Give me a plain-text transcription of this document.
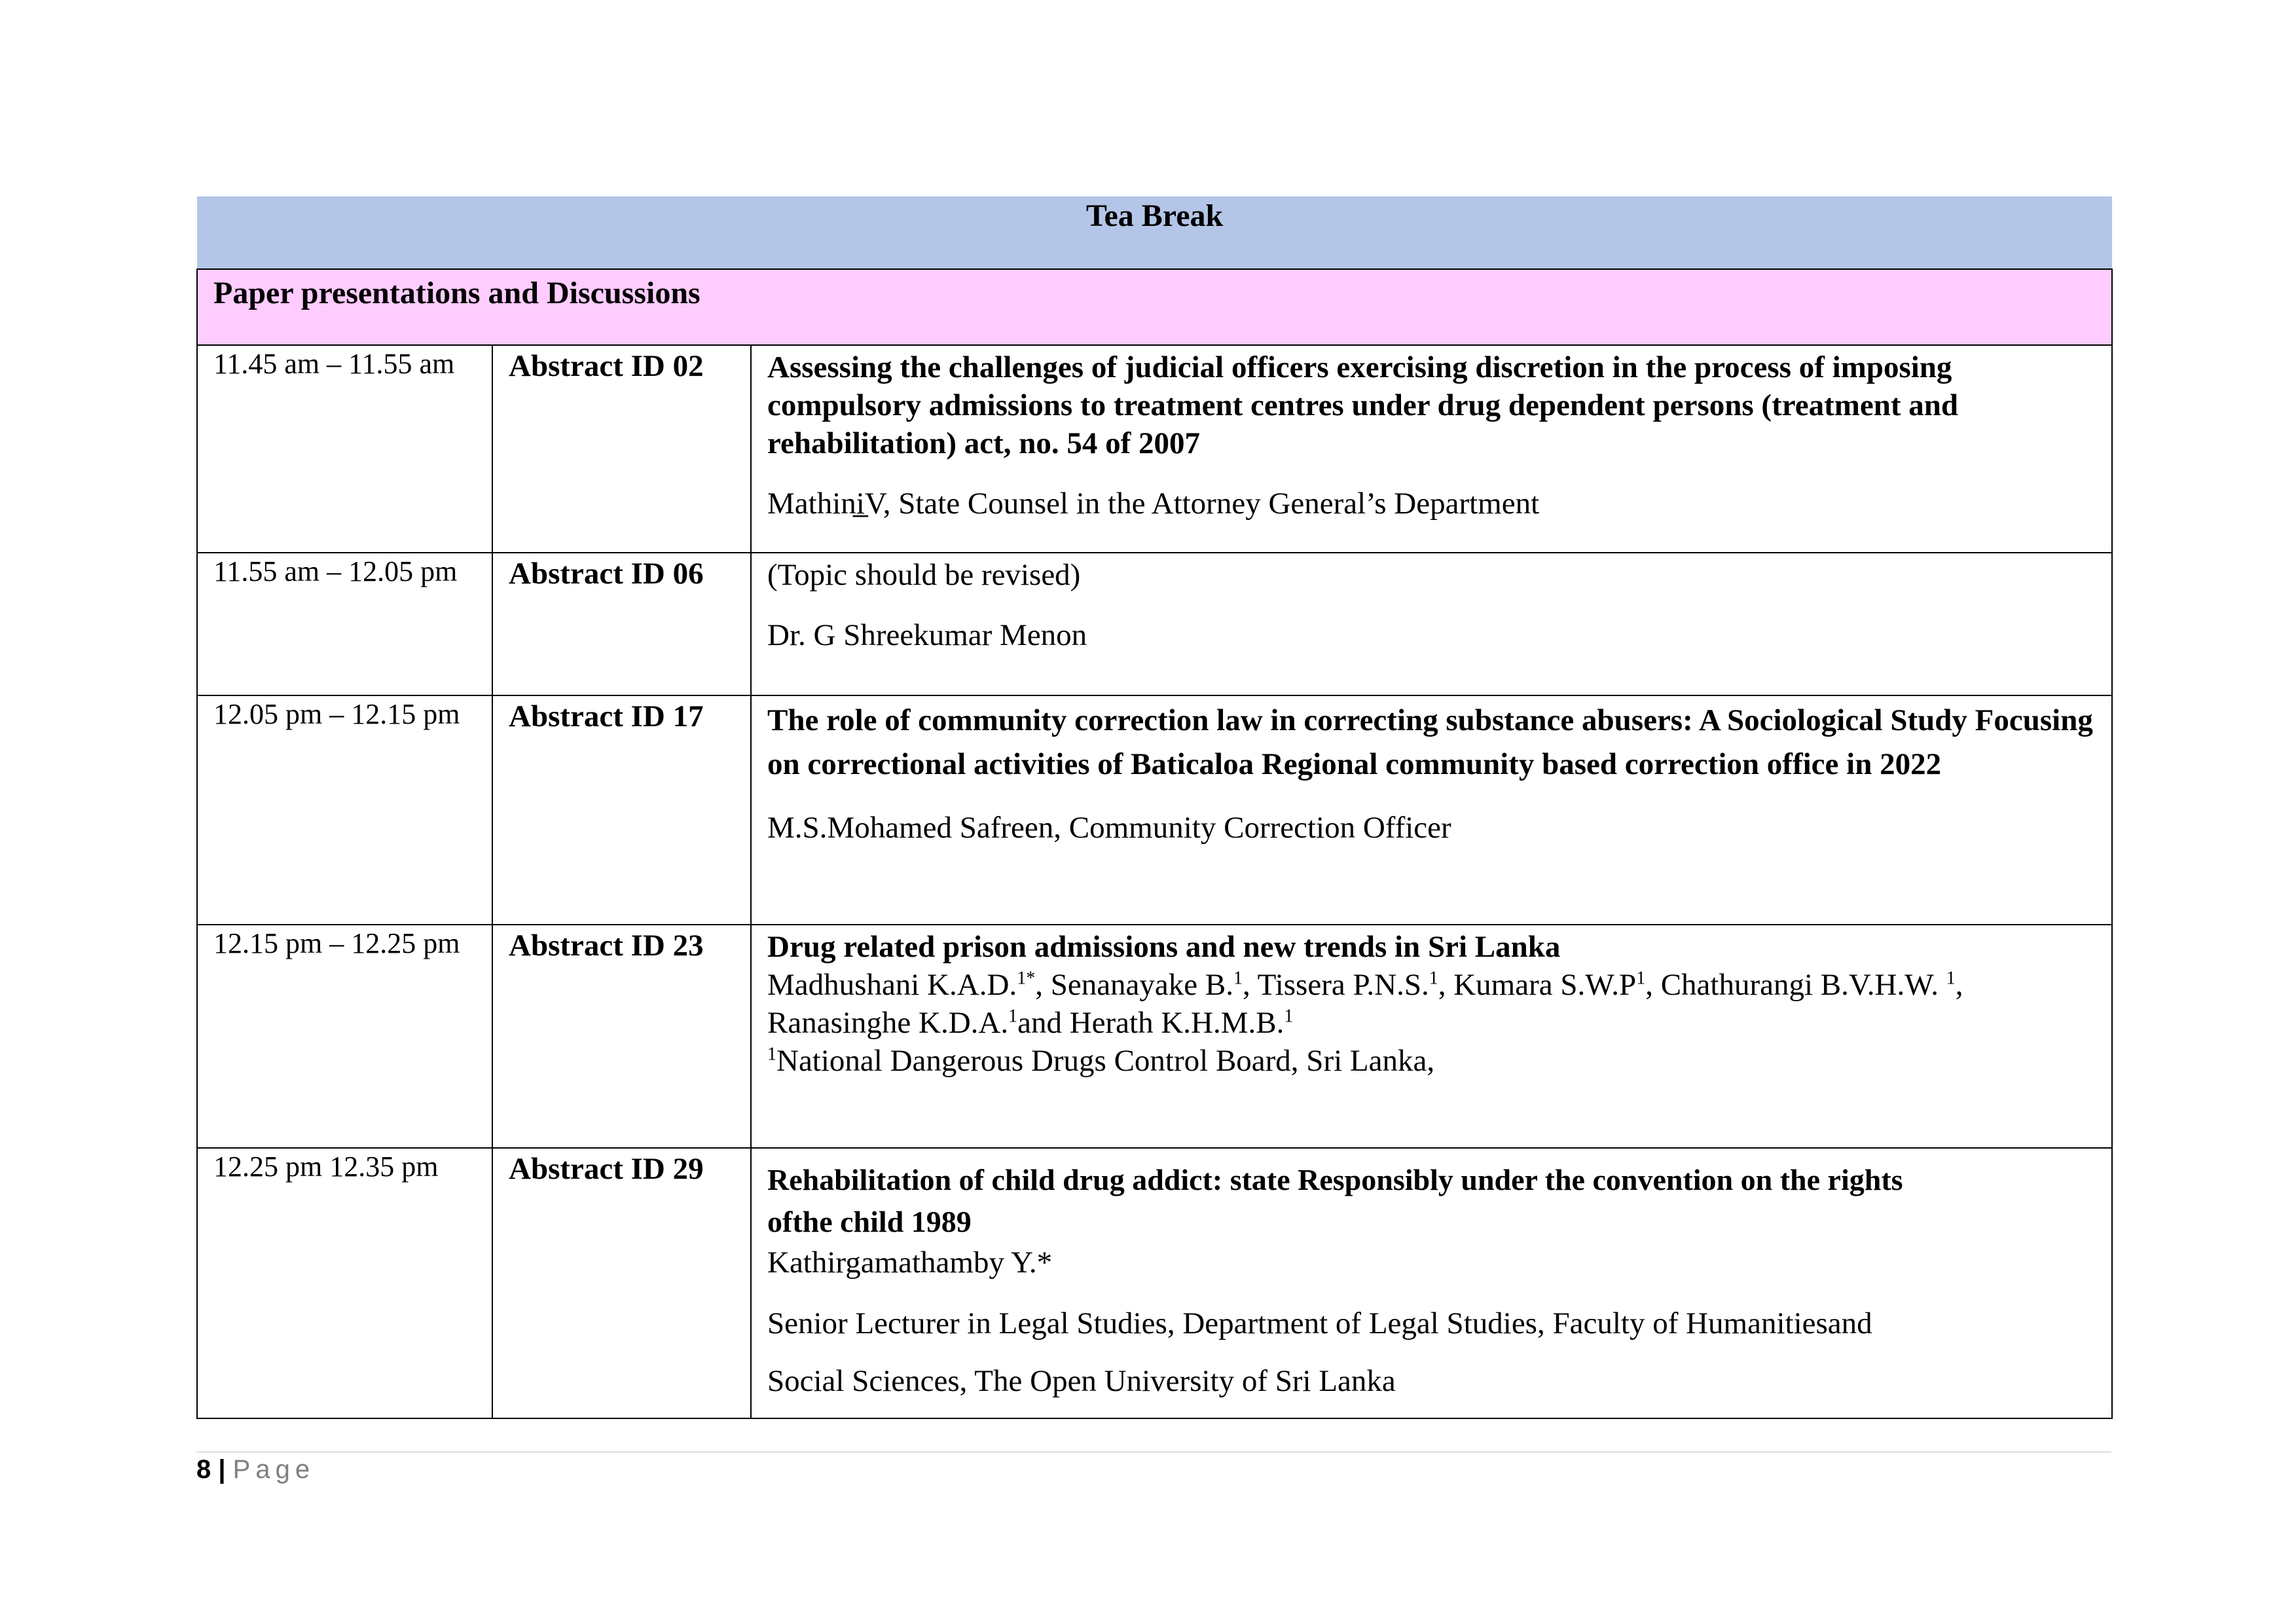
Tea Break		
Paper presentations and Discussions		
11.45 am – 11.55 am	Abstract ID 02	Assessing the challenges of judicial officers exercising discretion in the process of imposing compulsory admissions to treatment centres under drug dependent persons (treatment and rehabilitation) act, no. 54 of 2007
Mathini̲V, State Counsel in the Attorney General’s Department

11.55 am – 12.05 pm	Abstract ID 06	(Topic should be revised)
Dr. G Shreekumar Menon

12.05 pm – 12.15 pm	Abstract ID 17	The role of community correction law in correcting substance abusers: A Sociological Study Focusing on correctional activities of Baticaloa Regional community based correction office in 2022
M.S.Mohamed Safreen, Community Correction Officer

12.15 pm – 12.25 pm	Abstract ID 23	Drug related prison admissions and new trends in Sri Lanka
Madhushani K.A.D.$^{1*}$, Senanayake B.$^1$, Tissera P.N.S.$^1$, Kumara $S.W.P^1$, Chathurangi B.V.H.W. $^1$,
Ranasinghe K.D.A.$^1$and Herath K.H.M.B.$^1$
$^1$National Dangerous Drugs Control Board, Sri Lanka,

12.25 pm 12.35 pm	Abstract ID 29	Rehabilitation of child drug addict: state Responsibly under the convention on the rights
ofthe child 1989
Kathirgamathamby Y.*
Senior Lecturer in Legal Studies, Department of Legal Studies, Faculty of Humanitiesand
Social Sciences, The Open University of Sri Lanka
8 | Page
